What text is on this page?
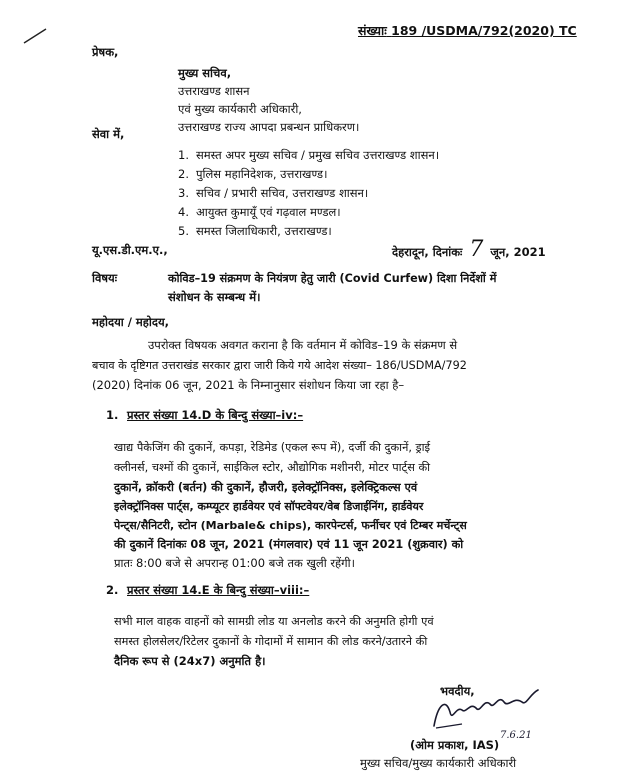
संख्याः 189 /USDMA/792(2020) TC
प्रेषक,
मुख्य सचिव,
उत्तराखण्ड शासन
एवं मुख्य कार्यकारी अधिकारी,
उत्तराखण्ड राज्य आपदा प्रबन्धन प्राधिकरण।
सेवा में,
1. समस्त अपर मुख्य सचिव / प्रमुख सचिव उत्तराखण्ड शासन।
2. पुलिस महानिदेशक, उत्तराखण्ड।
3. सचिव / प्रभारी सचिव, उत्तराखण्ड शासन।
4. आयुक्त कुमायूँ एवं गढ़वाल मण्डल।
5. समस्त जिलाधिकारी, उत्तराखण्ड।
यू.एस.डी.एम.ए.,	देहरादून, दिनांकः 7 जून, 2021
विषयः	कोविड–19 संक्रमण के नियंत्रण हेतु जारी (Covid Curfew) दिशा निर्देशों में
संशोधन के सम्बन्ध में।
महोदया / महोदय,
उपरोक्त विषयक अवगत कराना है कि वर्तमान में कोविड–19 के संक्रमण से
बचाव के दृष्टिगत उत्तराखंड सरकार द्वारा जारी किये गये आदेश संख्या– 186/USDMA/792
(2020) दिनांक 06 जून, 2021 के निम्नानुसार संशोधन किया जा रहा है–
1. प्रस्तर संख्या 14.D के बिन्दु संख्या–iv:–
खाद्य पैकेजिंग की दुकानें, कपड़ा, रेडिमेड (एकल रूप में), दर्जी की दुकानें, ड्राई
क्लीनर्स, चश्मों की दुकानें, साईकिल स्टोर, औद्योगिक मशीनरी, मोटर पार्ट्स की
दुकानें, क्रॉकरी (बर्तन) की दुकानें, हौजरी, इलेक्ट्रॉनिक्स, इलेक्ट्रिकल्स एवं
इलेक्ट्रॉनिक्स पार्ट्स, कम्प्यूटर हार्डवेयर एवं सॉफ्टवेयर/वेब डिजाईनिंग, हार्डवेयर
पेन्ट्स/सैनिटरी, स्टोन (Marbale& chips), कारपेन्टर्स, फर्नीचर एवं टिम्बर मर्चेन्ट्स
की दुकानें दिनांकः 08 जून, 2021 (मंगलवार) एवं 11 जून 2021 (शुक्रवार) को
प्रातः 8:00 बजे से अपरान्ह 01:00 बजे तक खुली रहेंगी।
2. प्रस्तर संख्या 14.E के बिन्दु संख्या–viii:–
सभी माल वाहक वाहनों को सामग्री लोड या अनलोड करने की अनुमति होगी एवं
समस्त होलसेलर/रिटेलर दुकानों के गोदामों में सामान की लोड करने/उतारने की
दैनिक रूप से (24x7) अनुमति है।
भवदीय,
7.6.21
(ओम प्रकाश, IAS)
मुख्य सचिव/मुख्य कार्यकारी अधिकारी
